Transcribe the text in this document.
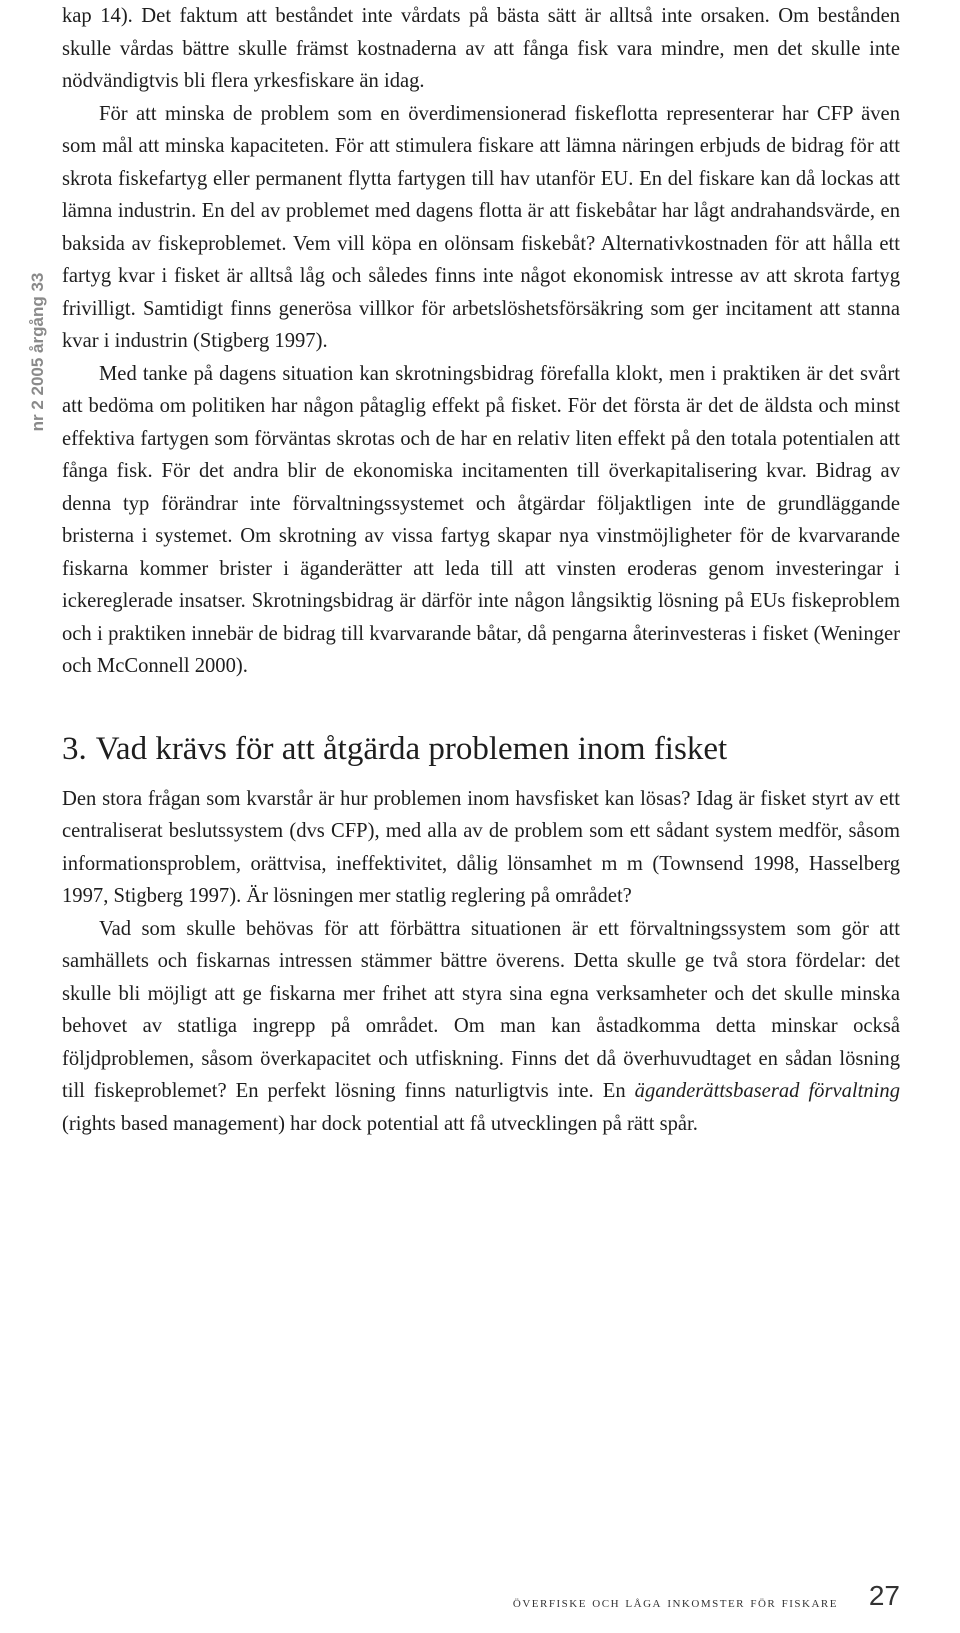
nr 2 2005 årgång 33

kap 14). Det faktum att beståndet inte vårdats på bästa sätt är alltså inte orsaken. Om bestånden skulle vårdas bättre skulle främst kostnaderna av att fånga fisk vara mindre, men det skulle inte nödvändigtvis bli flera yrkesfiskare än idag.

För att minska de problem som en överdimensionerad fiskeflotta representerar har CFP även som mål att minska kapaciteten. För att stimulera fiskare att lämna näringen erbjuds de bidrag för att skrota fiskefartyg eller permanent flytta fartygen till hav utanför EU. En del fiskare kan då lockas att lämna industrin. En del av problemet med dagens flotta är att fiskebåtar har lågt andrahandsvärde, en baksida av fiskeproblemet. Vem vill köpa en olönsam fiskebåt? Alternativkostnaden för att hålla ett fartyg kvar i fisket är alltså låg och således finns inte något ekonomisk intresse av att skrota fartyg frivilligt. Samtidigt finns generösa villkor för arbetslöshetsförsäkring som ger incitament att stanna kvar i industrin (Stigberg 1997).

Med tanke på dagens situation kan skrotningsbidrag förefalla klokt, men i praktiken är det svårt att bedöma om politiken har någon påtaglig effekt på fisket. För det första är det de äldsta och minst effektiva fartygen som förväntas skrotas och de har en relativ liten effekt på den totala potentialen att fånga fisk. För det andra blir de ekonomiska incitamenten till överkapitalisering kvar. Bidrag av denna typ förändrar inte förvaltningssystemet och åtgärdar följaktligen inte de grundläggande bristerna i systemet. Om skrotning av vissa fartyg skapar nya vinstmöjligheter för de kvarvarande fiskarna kommer brister i äganderätter att leda till att vinsten eroderas genom investeringar i ickereglerade insatser. Skrotningsbidrag är därför inte någon långsiktig lösning på EUs fiskeproblem och i praktiken innebär de bidrag till kvarvarande båtar, då pengarna återinvesteras i fisket (Weninger och McConnell 2000).

3. Vad krävs för att åtgärda problemen inom fisket

Den stora frågan som kvarstår är hur problemen inom havsfisket kan lösas? Idag är fisket styrt av ett centraliserat beslutssystem (dvs CFP), med alla av de problem som ett sådant system medför, såsom informationsproblem, orättvisa, ineffektivitet, dålig lönsamhet m m (Townsend 1998, Hasselberg 1997, Stigberg 1997). Är lösningen mer statlig reglering på området?

Vad som skulle behövas för att förbättra situationen är ett förvaltningssystem som gör att samhällets och fiskarnas intressen stämmer bättre överens. Detta skulle ge två stora fördelar: det skulle bli möjligt att ge fiskarna mer frihet att styra sina egna verksamheter och det skulle minska behovet av statliga ingrepp på området. Om man kan åstadkomma detta minskar också följdproblemen, såsom överkapacitet och utfiskning. Finns det då överhuvudtaget en sådan lösning till fiskeproblemet? En perfekt lösning finns naturligtvis inte. En äganderättsbaserad förvaltning (rights based management) har dock potential att få utvecklingen på rätt spår.

överfiske och låga inkomster för fiskare 27
